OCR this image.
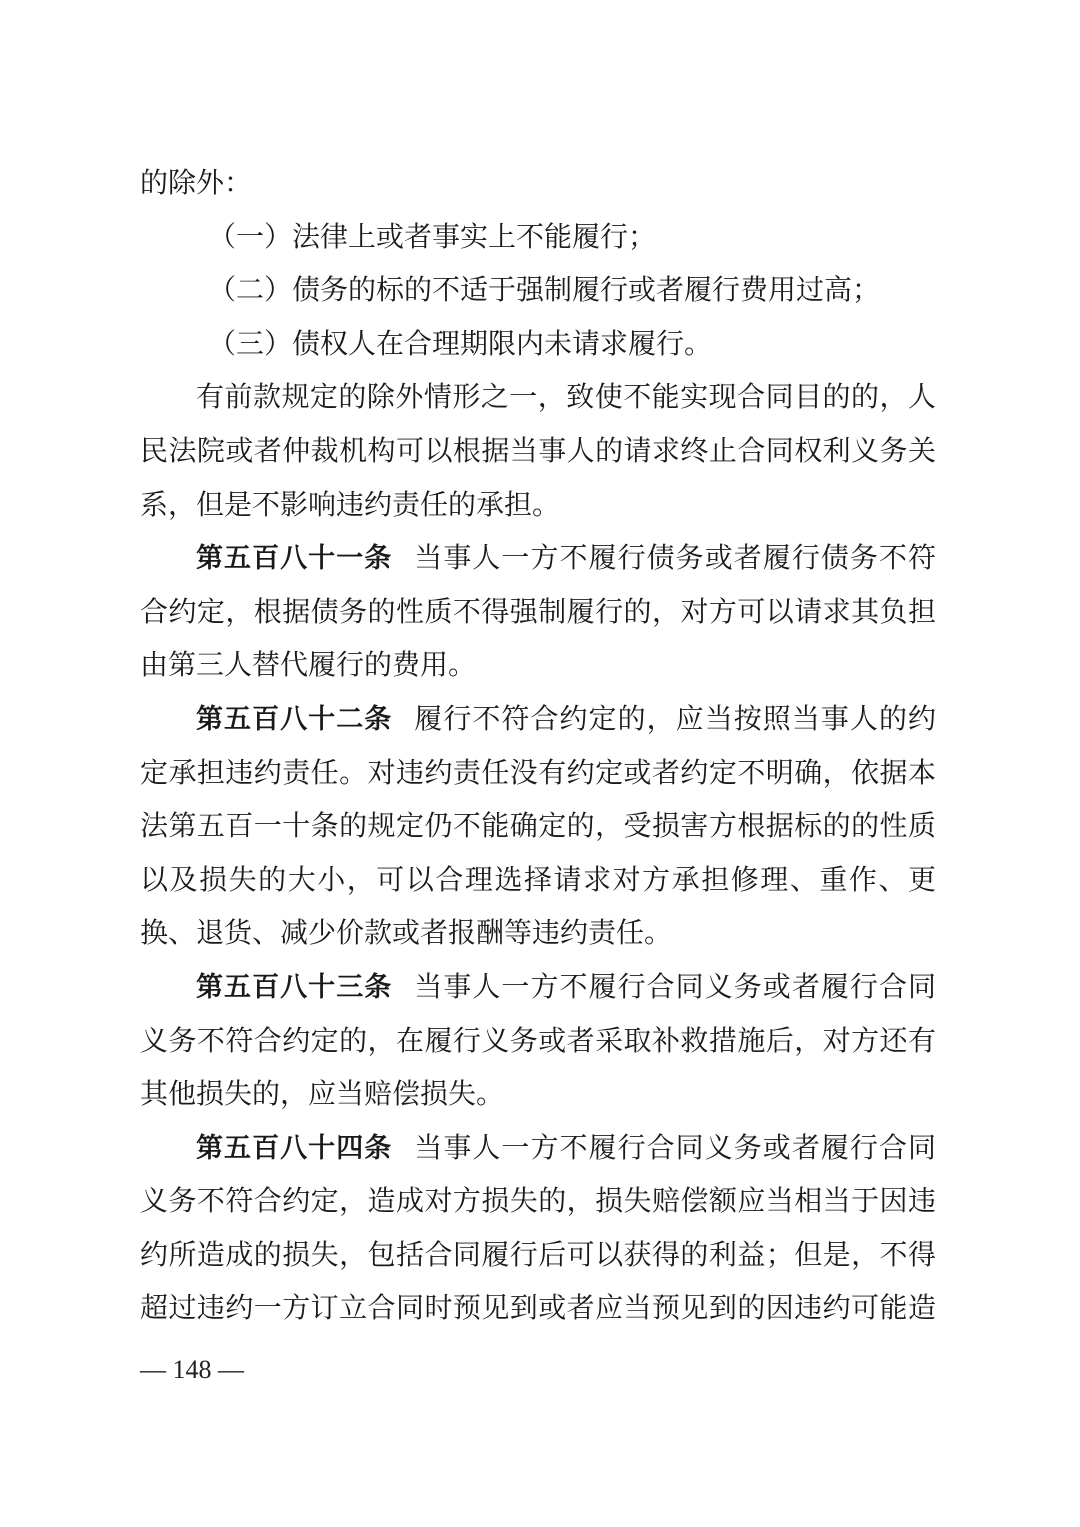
的除外：
（一）法律上或者事实上不能履行；
（二）债务的标的不适于强制履行或者履行费用过高；
（三）债权人在合理期限内未请求履行。
有前款规定的除外情形之一，致使不能实现合同目的的，人
民法院或者仲裁机构可以根据当事人的请求终止合同权利义务关
系，但是不影响违约责任的承担。
第五百八十一条 当事人一方不履行债务或者履行债务不符
合约定，根据债务的性质不得强制履行的，对方可以请求其负担
由第三人替代履行的费用。
第五百八十二条 履行不符合约定的，应当按照当事人的约
定承担违约责任。对违约责任没有约定或者约定不明确，依据本
法第五百一十条的规定仍不能确定的，受损害方根据标的的性质
以及损失的大小，可以合理选择请求对方承担修理、重作、更
换、退货、减少价款或者报酬等违约责任。
第五百八十三条 当事人一方不履行合同义务或者履行合同
义务不符合约定的，在履行义务或者采取补救措施后，对方还有
其他损失的，应当赔偿损失。
第五百八十四条 当事人一方不履行合同义务或者履行合同
义务不符合约定，造成对方损失的，损失赔偿额应当相当于因违
约所造成的损失，包括合同履行后可以获得的利益；但是，不得
超过违约一方订立合同时预见到或者应当预见到的因违约可能造
— 148 —
